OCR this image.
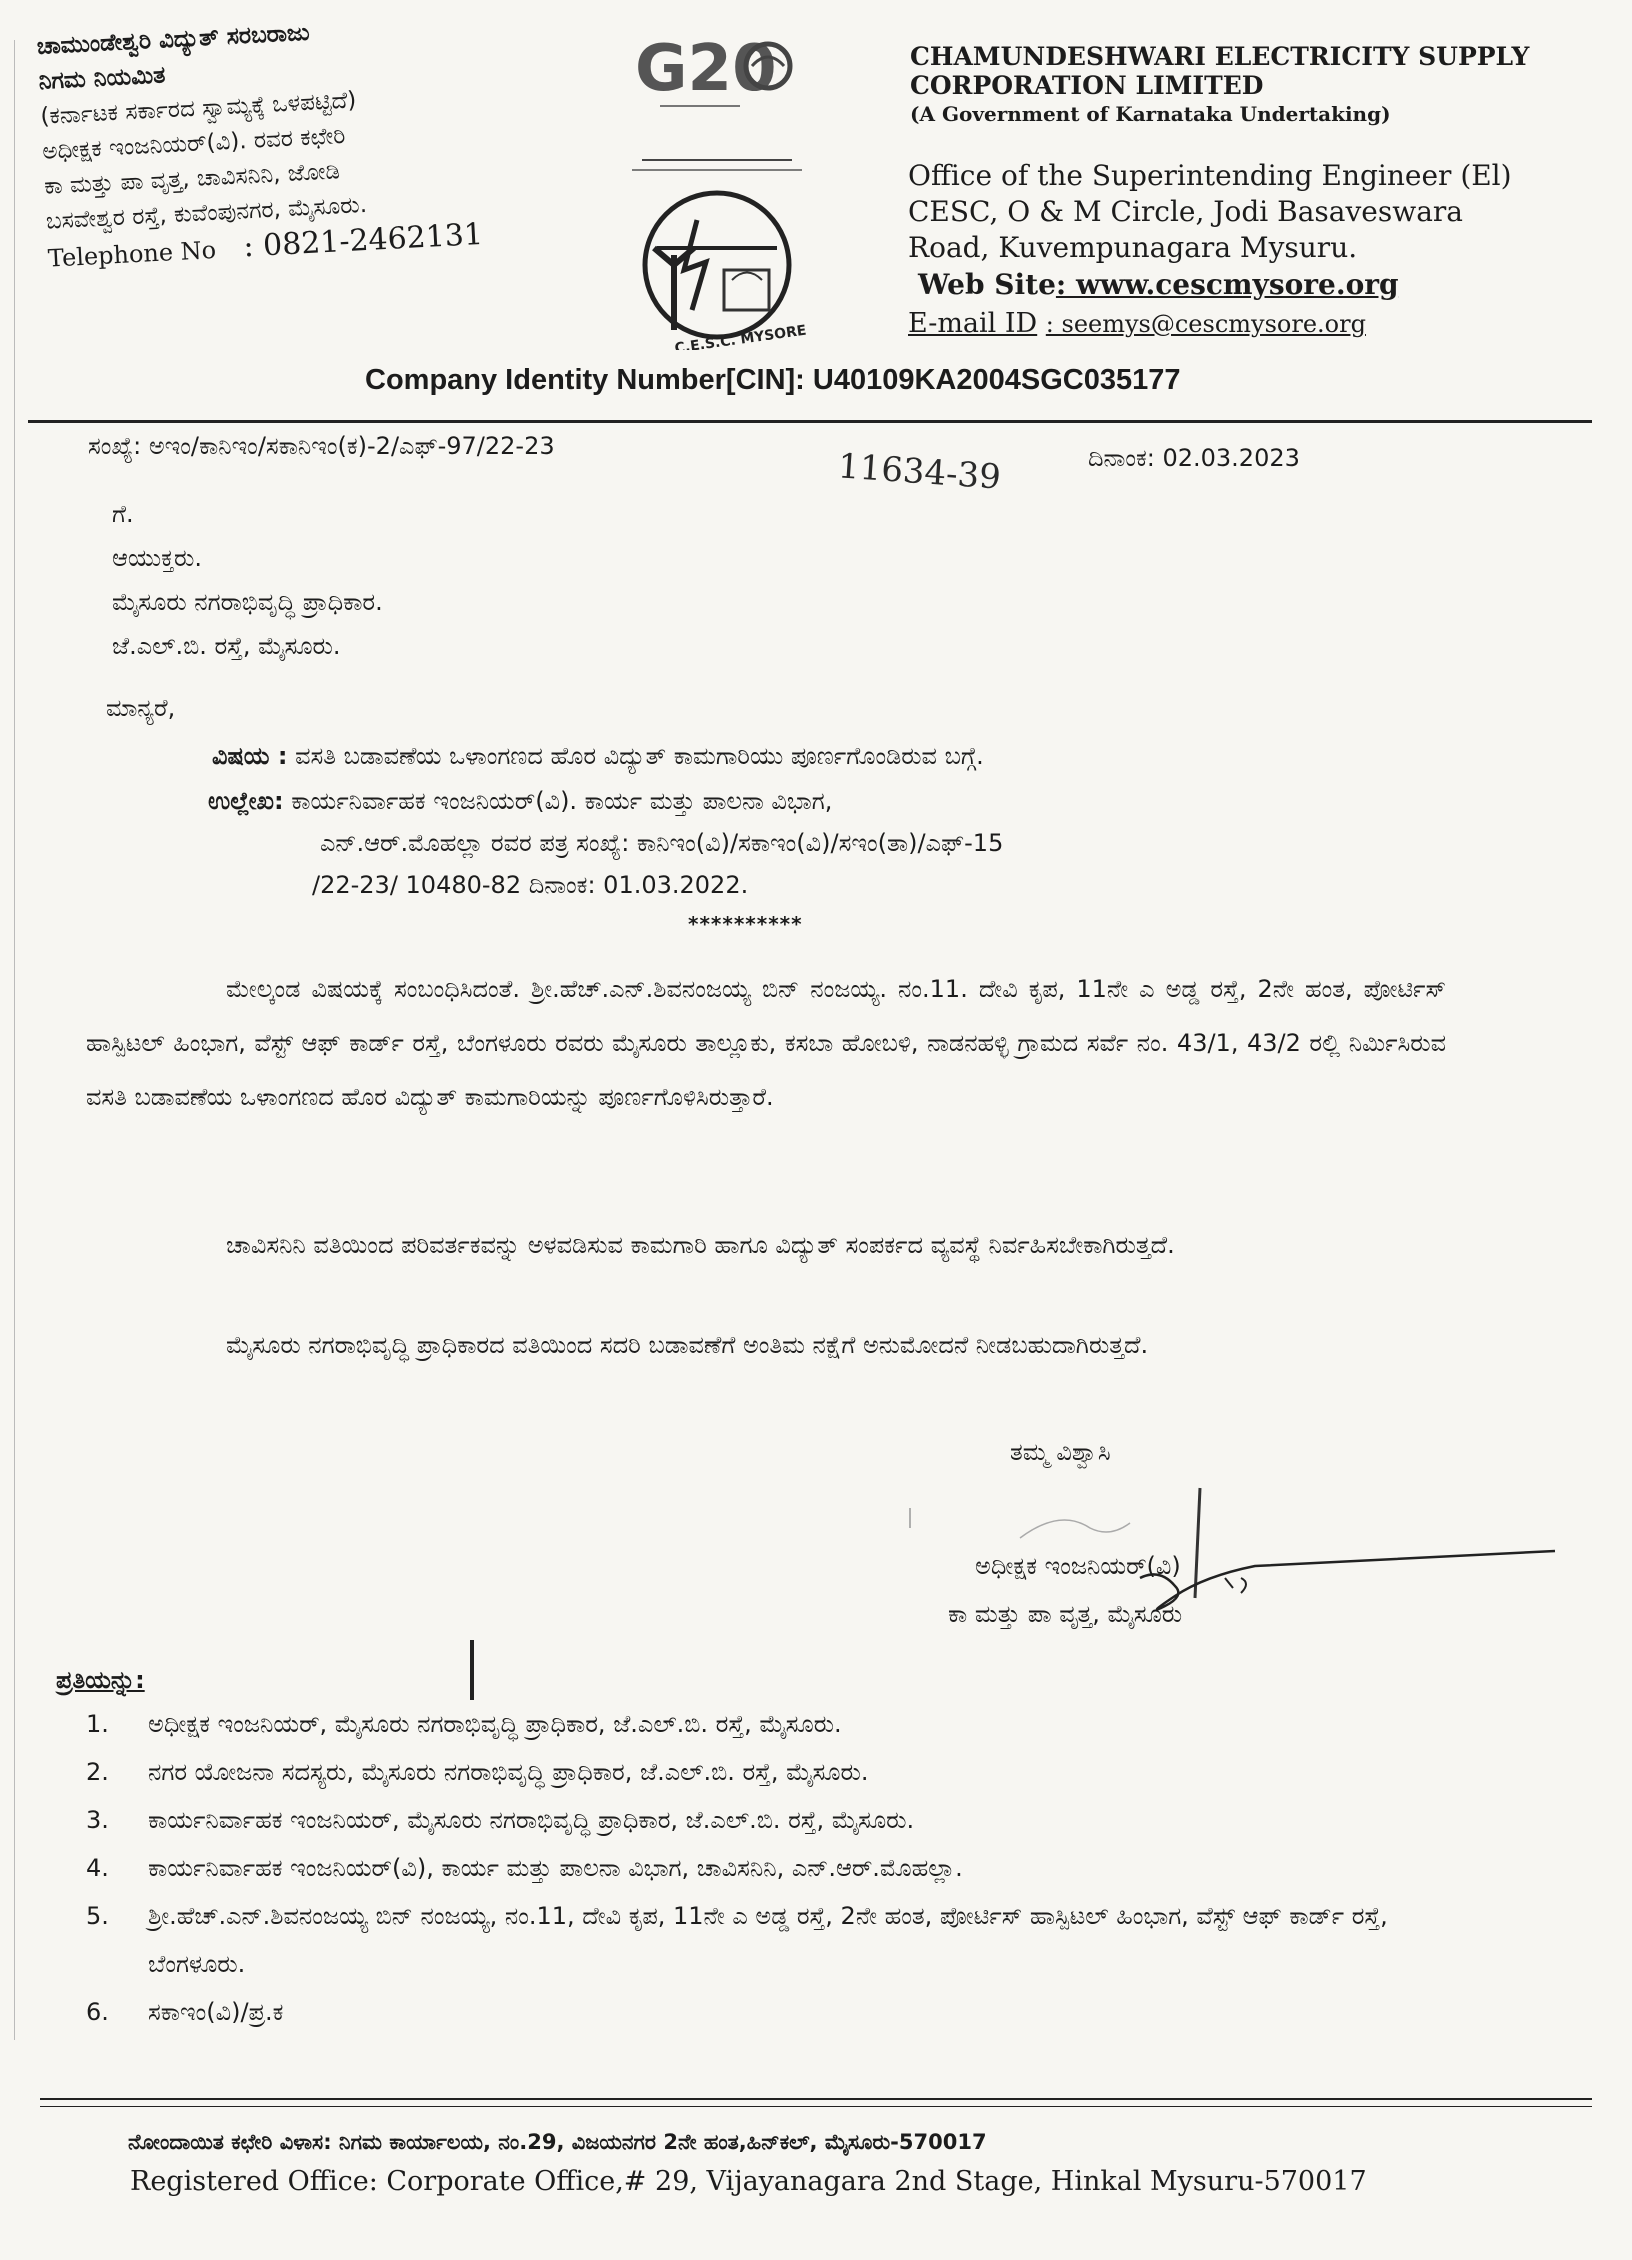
ಚಾಮುಂಡೇಶ್ವರಿ ವಿದ್ಯುತ್ ಸರಬರಾಜು
ನಿಗಮ ನಿಯಮಿತ
(ಕರ್ನಾಟಕ ಸರ್ಕಾರದ ಸ್ವಾಮ್ಯಕ್ಕೆ ಒಳಪಟ್ಟಿದೆ)
ಅಧೀಕ್ಷಕ ಇಂಜನಿಯರ್(ವಿ). ರವರ ಕಛೇರಿ
ಕಾ ಮತ್ತು ಪಾ ವೃತ್ತ, ಚಾವಿಸನಿನಿ, ಜೋಡಿ
ಬಸವೇಶ್ವರ ರಸ್ತೆ, ಕುವೆಂಪುನಗರ, ಮೈಸೂರು.
Telephone No : 0821-2462131
G20
C.E.S.C. MYSORE
CHAMUNDESHWARI ELECTRICITY SUPPLY
CORPORATION LIMITED
(A Government of Karnataka Undertaking)
Office of the Superintending Engineer (El)
CESC, O & M Circle, Jodi Basaveswara
Road, Kuvempunagara Mysuru.
Web Site: www.cescmysore.org
E-mail ID : seemys@cescmysore.org
Company Identity Number[CIN]: U40109KA2004SGC035177
ಸಂಖ್ಯೆ: ಅಇಂ/ಕಾನಿಇಂ/ಸಕಾನಿಇಂ(ಕ)-2/ಎಫ್-97/22-23
11634-39	ದಿನಾಂಕ: 02.03.2023
ಗೆ.
ಆಯುಕ್ತರು.
ಮೈಸೂರು ನಗರಾಭಿವೃದ್ಧಿ ಪ್ರಾಧಿಕಾರ.
ಜೆ.ಎಲ್.ಬಿ. ರಸ್ತೆ, ಮೈಸೂರು.
ಮಾನ್ಯರೆ,
ವಿಷಯ : ವಸತಿ ಬಡಾವಣೆಯ ಒಳಾಂಗಣದ ಹೊರ ವಿದ್ಯುತ್ ಕಾಮಗಾರಿಯು ಪೂರ್ಣಗೊಂಡಿರುವ ಬಗ್ಗೆ.
ಉಲ್ಲೇಖ: ಕಾರ್ಯನಿರ್ವಾಹಕ ಇಂಜನಿಯರ್(ವಿ). ಕಾರ್ಯ ಮತ್ತು ಪಾಲನಾ ವಿಭಾಗ,
ಎನ್.ಆರ್.ಮೊಹಲ್ಲಾ ರವರ ಪತ್ರ ಸಂಖ್ಯೆ: ಕಾನಿಇಂ(ವಿ)/ಸಕಾಇಂ(ವಿ)/ಸಇಂ(ತಾ)/ಎಫ್-15
/22-23/ 10480-82 ದಿನಾಂಕ: 01.03.2022.
**********
ಮೇಲ್ಕಂಡ ವಿಷಯಕ್ಕೆ ಸಂಬಂಧಿಸಿದಂತೆ. ಶ್ರೀ.ಹೆಚ್.ಎನ್.ಶಿವನಂಜಯ್ಯ ಬಿನ್ ನಂಜಯ್ಯ. ನಂ.11. ದೇವಿ ಕೃಪ, 11ನೇ ಎ ಅಡ್ಡ ರಸ್ತೆ, 2ನೇ ಹಂತ, ಪೋರ್ಟಿಸ್ ಹಾಸ್ಪಿಟಲ್ ಹಿಂಭಾಗ, ವೆಸ್ಟ್ ಆಫ್ ಕಾರ್ಡ್ ರಸ್ತೆ, ಬೆಂಗಳೂರು ರವರು ಮೈಸೂರು ತಾಲ್ಲೂಕು, ಕಸಬಾ ಹೋಬಳಿ, ನಾಡನಹಳ್ಳಿ ಗ್ರಾಮದ ಸರ್ವೆ ನಂ. 43/1, 43/2 ರಲ್ಲಿ ನಿರ್ಮಿಸಿರುವ ವಸತಿ ಬಡಾವಣೆಯ ಒಳಾಂಗಣದ ಹೊರ ವಿದ್ಯುತ್ ಕಾಮಗಾರಿಯನ್ನು ಪೂರ್ಣಗೊಳಿಸಿರುತ್ತಾರೆ.
ಚಾವಿಸನಿನಿ ವತಿಯಿಂದ ಪರಿವರ್ತಕವನ್ನು ಅಳವಡಿಸುವ ಕಾಮಗಾರಿ ಹಾಗೂ ವಿದ್ಯುತ್ ಸಂಪರ್ಕದ ವ್ಯವಸ್ಥೆ ನಿರ್ವಹಿಸಬೇಕಾಗಿರುತ್ತದೆ.
ಮೈಸೂರು ನಗರಾಭಿವೃದ್ಧಿ ಪ್ರಾಧಿಕಾರದ ವತಿಯಿಂದ ಸದರಿ ಬಡಾವಣೆಗೆ ಅಂತಿಮ ನಕ್ಷೆಗೆ ಅನುಮೋದನೆ ನೀಡಬಹುದಾಗಿರುತ್ತದೆ.
ತಮ್ಮ ವಿಶ್ವಾಸಿ
ಅಧೀಕ್ಷಕ ಇಂಜನಿಯರ್(ವಿ)
ಕಾ ಮತ್ತು ಪಾ ವೃತ್ತ, ಮೈಸೂರು
ಪ್ರತಿಯನ್ನು:
1.	ಅಧೀಕ್ಷಕ ಇಂಜನಿಯರ್, ಮೈಸೂರು ನಗರಾಭಿವೃದ್ಧಿ ಪ್ರಾಧಿಕಾರ, ಜೆ.ಎಲ್.ಬಿ. ರಸ್ತೆ, ಮೈಸೂರು.
2.	ನಗರ ಯೋಜನಾ ಸದಸ್ಯರು, ಮೈಸೂರು ನಗರಾಭಿವೃದ್ಧಿ ಪ್ರಾಧಿಕಾರ, ಜೆ.ಎಲ್.ಬಿ. ರಸ್ತೆ, ಮೈಸೂರು.
3.	ಕಾರ್ಯನಿರ್ವಾಹಕ ಇಂಜನಿಯರ್, ಮೈಸೂರು ನಗರಾಭಿವೃದ್ಧಿ ಪ್ರಾಧಿಕಾರ, ಜೆ.ಎಲ್.ಬಿ. ರಸ್ತೆ, ಮೈಸೂರು.
4.	ಕಾರ್ಯನಿರ್ವಾಹಕ ಇಂಜನಿಯರ್(ವಿ), ಕಾರ್ಯ ಮತ್ತು ಪಾಲನಾ ವಿಭಾಗ, ಚಾವಿಸನಿನಿ, ಎನ್.ಆರ್.ಮೊಹಲ್ಲಾ.
5.	ಶ್ರೀ.ಹೆಚ್.ಎನ್.ಶಿವನಂಜಯ್ಯ ಬಿನ್ ನಂಜಯ್ಯ, ನಂ.11, ದೇವಿ ಕೃಪ, 11ನೇ ಎ ಅಡ್ಡ ರಸ್ತೆ, 2ನೇ ಹಂತ, ಪೋರ್ಟಿಸ್ ಹಾಸ್ಪಿಟಲ್ ಹಿಂಭಾಗ, ವೆಸ್ಟ್ ಆಫ್ ಕಾರ್ಡ್ ರಸ್ತೆ, ಬೆಂಗಳೂರು.
6.	ಸಕಾಇಂ(ವಿ)/ಪ್ರ.ಕ
ನೋಂದಾಯಿತ ಕಛೇರಿ ವಿಳಾಸ: ನಿಗಮ ಕಾರ್ಯಾಲಯ, ನಂ.29, ವಿಜಯನಗರ 2ನೇ ಹಂತ,ಹಿನ್‌ಕಲ್, ಮೈಸೂರು-570017
Registered Office: Corporate Office,# 29, Vijayanagara 2nd Stage, Hinkal Mysuru-570017
